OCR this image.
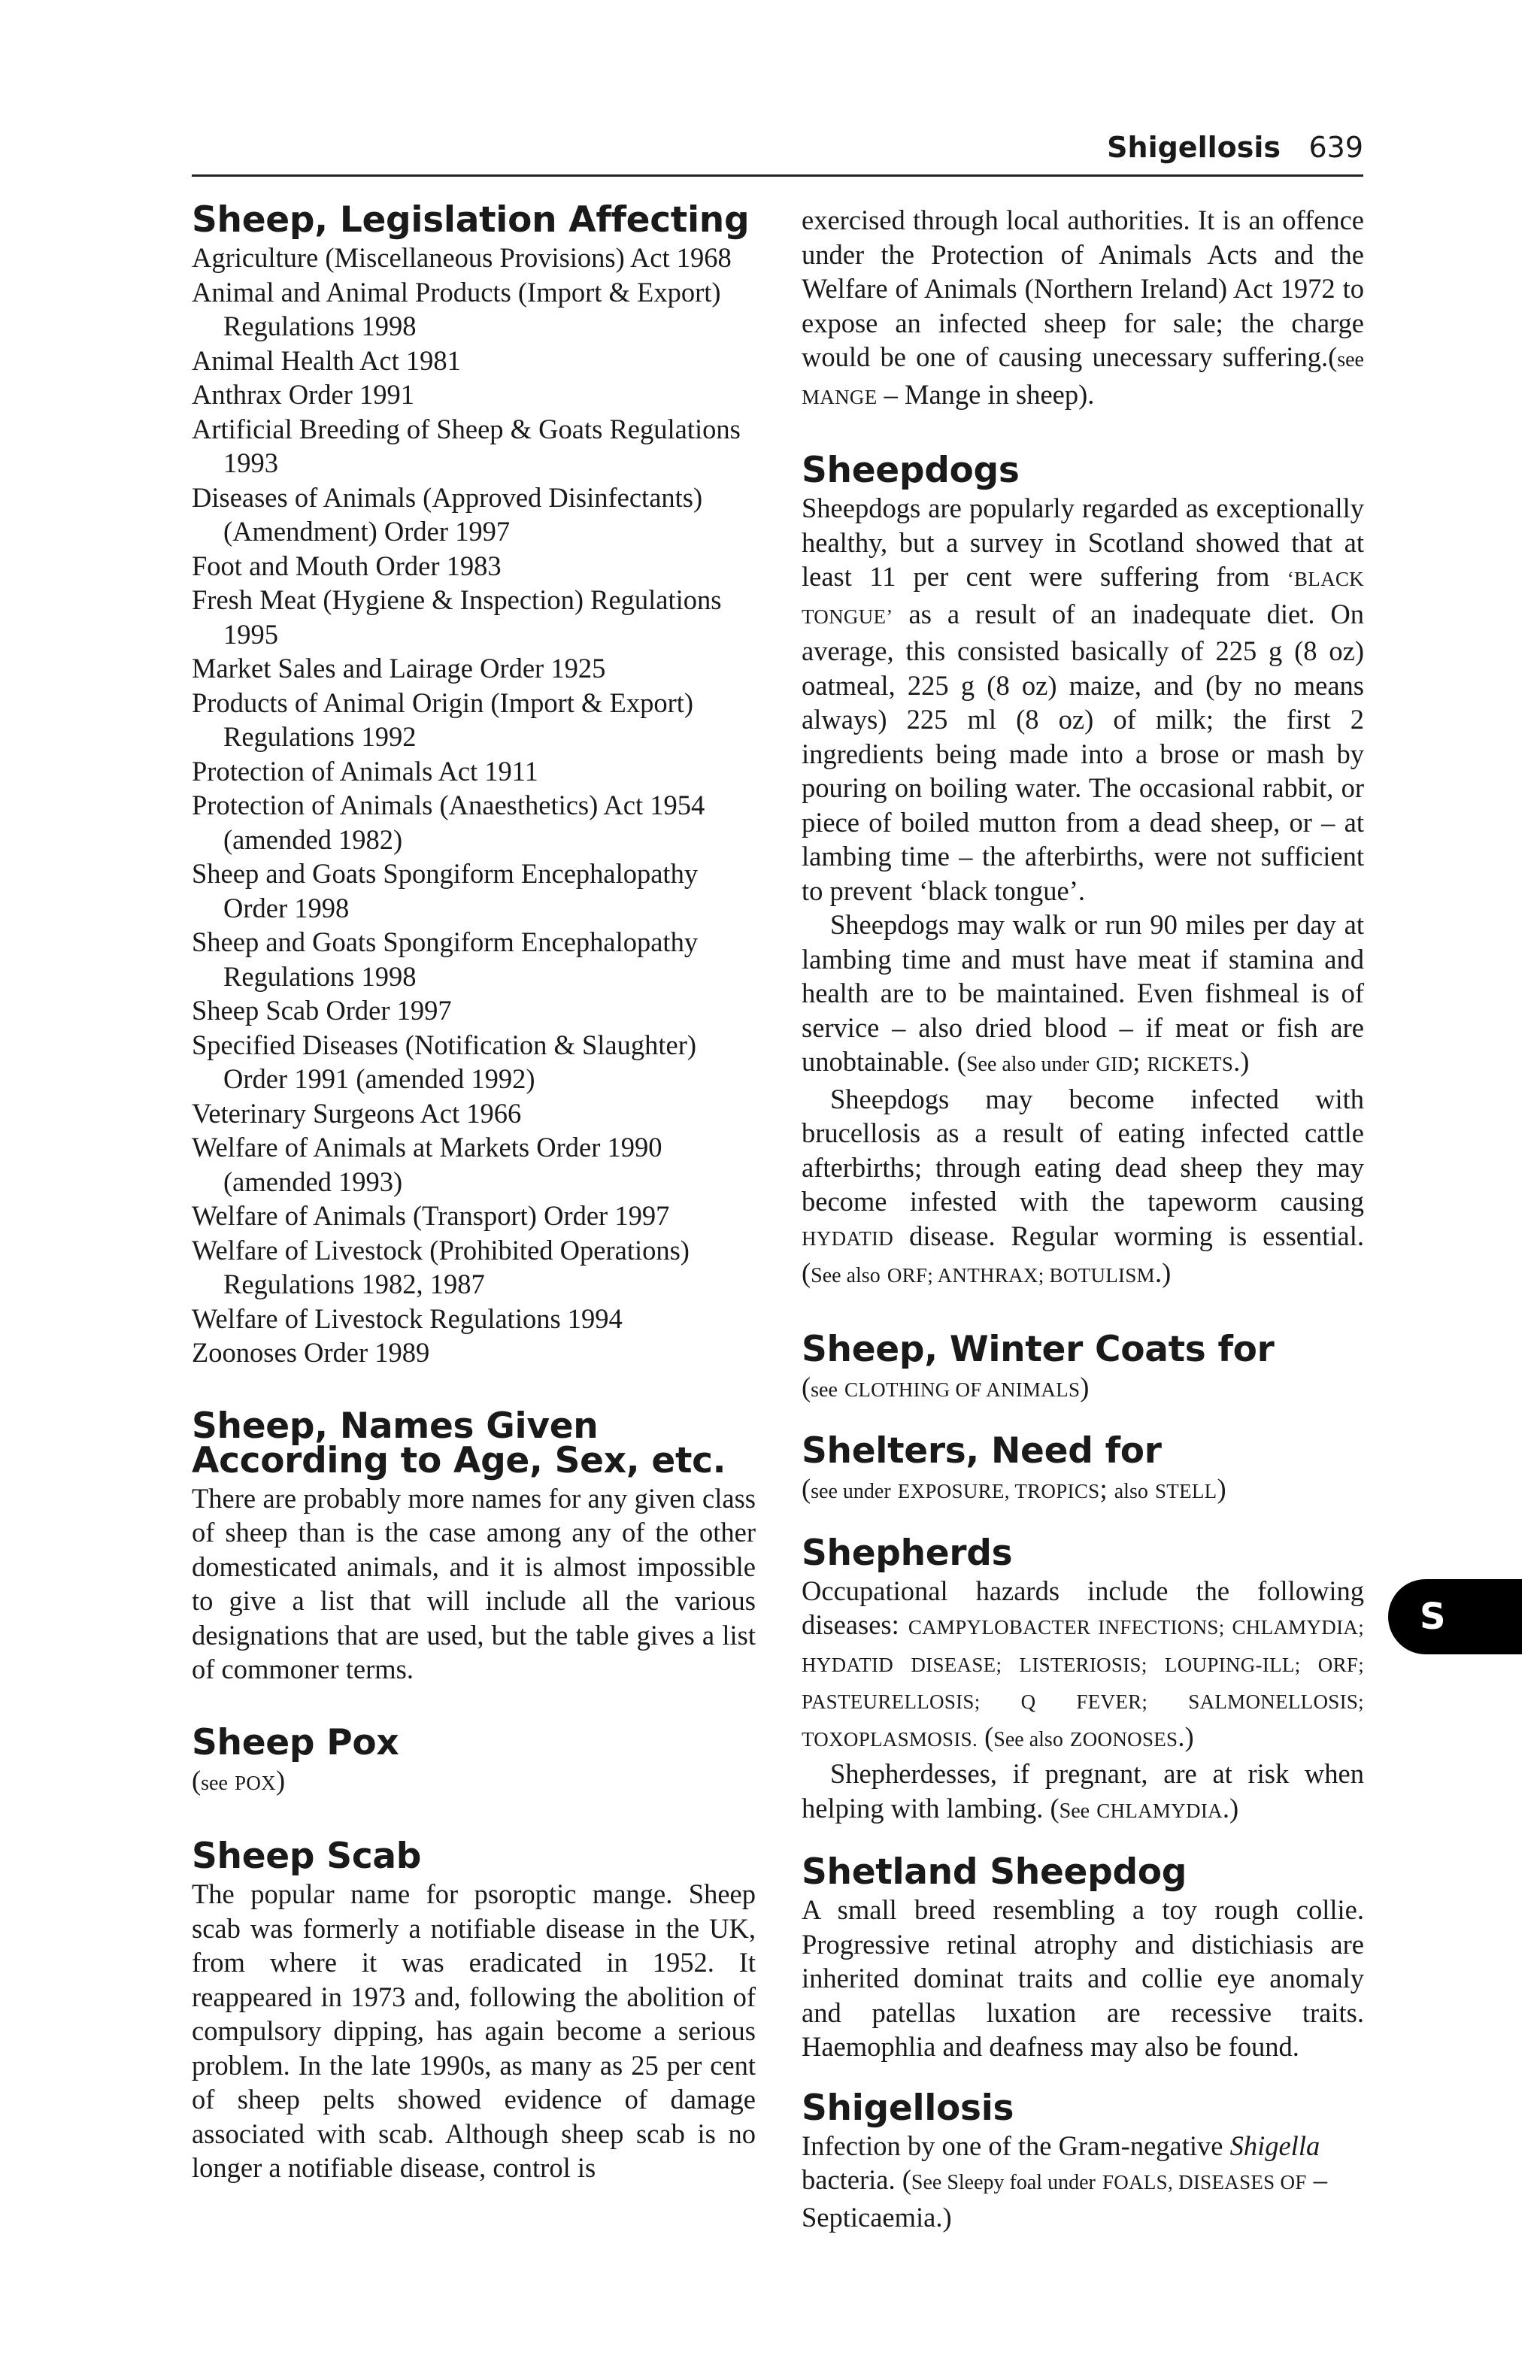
Shigellosis 639
Sheep, Legislation Affecting
Agriculture (Miscellaneous Provisions) Act 1968
Animal and Animal Products (Import & Export) Regulations 1998
Animal Health Act 1981
Anthrax Order 1991
Artificial Breeding of Sheep & Goats Regulations 1993
Diseases of Animals (Approved Disinfectants) (Amendment) Order 1997
Foot and Mouth Order 1983
Fresh Meat (Hygiene & Inspection) Regulations 1995
Market Sales and Lairage Order 1925
Products of Animal Origin (Import & Export) Regulations 1992
Protection of Animals Act 1911
Protection of Animals (Anaesthetics) Act 1954 (amended 1982)
Sheep and Goats Spongiform Encephalopathy Order 1998
Sheep and Goats Spongiform Encephalopathy Regulations 1998
Sheep Scab Order 1997
Specified Diseases (Notification & Slaughter) Order 1991 (amended 1992)
Veterinary Surgeons Act 1966
Welfare of Animals at Markets Order 1990 (amended 1993)
Welfare of Animals (Transport) Order 1997
Welfare of Livestock (Prohibited Operations) Regulations 1982, 1987
Welfare of Livestock Regulations 1994
Zoonoses Order 1989
Sheep, Names Given According to Age, Sex, etc.

There are probably more names for any given class of sheep than is the case among any of the other domesticated animals, and it is almost impossible to give a list that will include all the various designations that are used, but the table gives a list of commoner terms.

Sheep Pox

(see POX)

Sheep Scab

The popular name for psoroptic mange. Sheep scab was formerly a notifiable disease in the UK, from where it was eradicated in 1952. It reappeared in 1973 and, following the abolition of compulsory dipping, has again become a serious problem. In the late 1990s, as many as 25 per cent of sheep pelts showed evidence of damage associated with scab. Although sheep scab is no longer a notifiable disease, control is

exercised through local authorities. It is an offence under the Protection of Animals Acts and the Welfare of Animals (Northern Ireland) Act 1972 to expose an infected sheep for sale; the charge would be one of causing unecessary suffering.(see MANGE – Mange in sheep).

Sheepdogs

Sheepdogs are popularly regarded as exceptionally healthy, but a survey in Scotland showed that at least 11 per cent were suffering from ‘BLACK TONGUE’ as a result of an inadequate diet. On average, this consisted basically of 225 g (8 oz) oatmeal, 225 g (8 oz) maize, and (by no means always) 225 ml (8 oz) of milk; the first 2 ingredients being made into a brose or mash by pouring on boiling water. The occasional rabbit, or piece of boiled mutton from a dead sheep, or – at lambing time – the afterbirths, were not sufficient to prevent ‘black tongue’.

Sheepdogs may walk or run 90 miles per day at lambing time and must have meat if stamina and health are to be maintained. Even fishmeal is of service – also dried blood – if meat or fish are unobtainable. (See also under GID; RICKETS.)

Sheepdogs may become infected with brucellosis as a result of eating infected cattle afterbirths; through eating dead sheep they may become infested with the tapeworm causing HYDATID disease. Regular worming is essential. (See also ORF; ANTHRAX; BOTULISM.)

Sheep, Winter Coats for

(see CLOTHING OF ANIMALS)

Shelters, Need for

(see under EXPOSURE, TROPICS; also STELL)

Shepherds

Occupational hazards include the following diseases: CAMPYLOBACTER INFECTIONS; CHLAMYDIA; HYDATID DISEASE; LISTERIOSIS; LOUPING-ILL; ORF; PASTEURELLOSIS; Q FEVER; SALMONELLOSIS; TOXOPLASMOSIS. (See also ZOONOSES.)

Shepherdesses, if pregnant, are at risk when helping with lambing. (See CHLAMYDIA.)

Shetland Sheepdog

A small breed resembling a toy rough collie. Progressive retinal atrophy and distichiasis are inherited dominat traits and collie eye anomaly and patellas luxation are recessive traits. Haemophlia and deafness may also be found.

Shigellosis

Infection by one of the Gram-negative Shigella bacteria. (See Sleepy foal under FOALS, DISEASES OF – Septicaemia.)

S
